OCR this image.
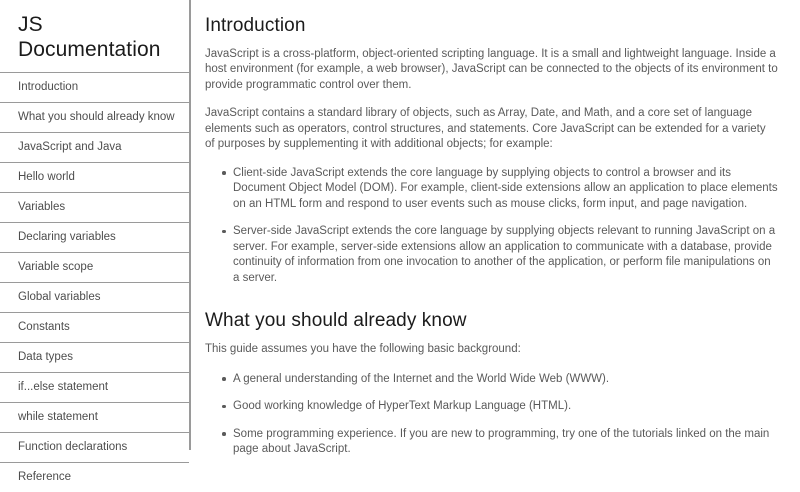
JS Documentation
Introduction
What you should already know
JavaScript and Java
Hello world
Variables
Declaring variables
Variable scope
Global variables
Constants
Data types
if...else statement
while statement
Function declarations
Reference
Introduction

JavaScript is a cross-platform, object-oriented scripting language. It is a small and lightweight language. Inside a host environment (for example, a web browser), JavaScript can be connected to the objects of its environment to provide programmatic control over them.

JavaScript contains a standard library of objects, such as Array, Date, and Math, and a core set of language elements such as operators, control structures, and statements. Core JavaScript can be extended for a variety of purposes by supplementing it with additional objects; for example:

Client-side JavaScript extends the core language by supplying objects to control a browser and its Document Object Model (DOM). For example, client-side extensions allow an application to place elements on an HTML form and respond to user events such as mouse clicks, form input, and page navigation.
Server-side JavaScript extends the core language by supplying objects relevant to running JavaScript on a server. For example, server-side extensions allow an application to communicate with a database, provide continuity of information from one invocation to another of the application, or perform file manipulations on a server.
What you should already know

This guide assumes you have the following basic background:

A general understanding of the Internet and the World Wide Web (WWW).
Good working knowledge of HyperText Markup Language (HTML).
Some programming experience. If you are new to programming, try one of the tutorials linked on the main page about JavaScript.
